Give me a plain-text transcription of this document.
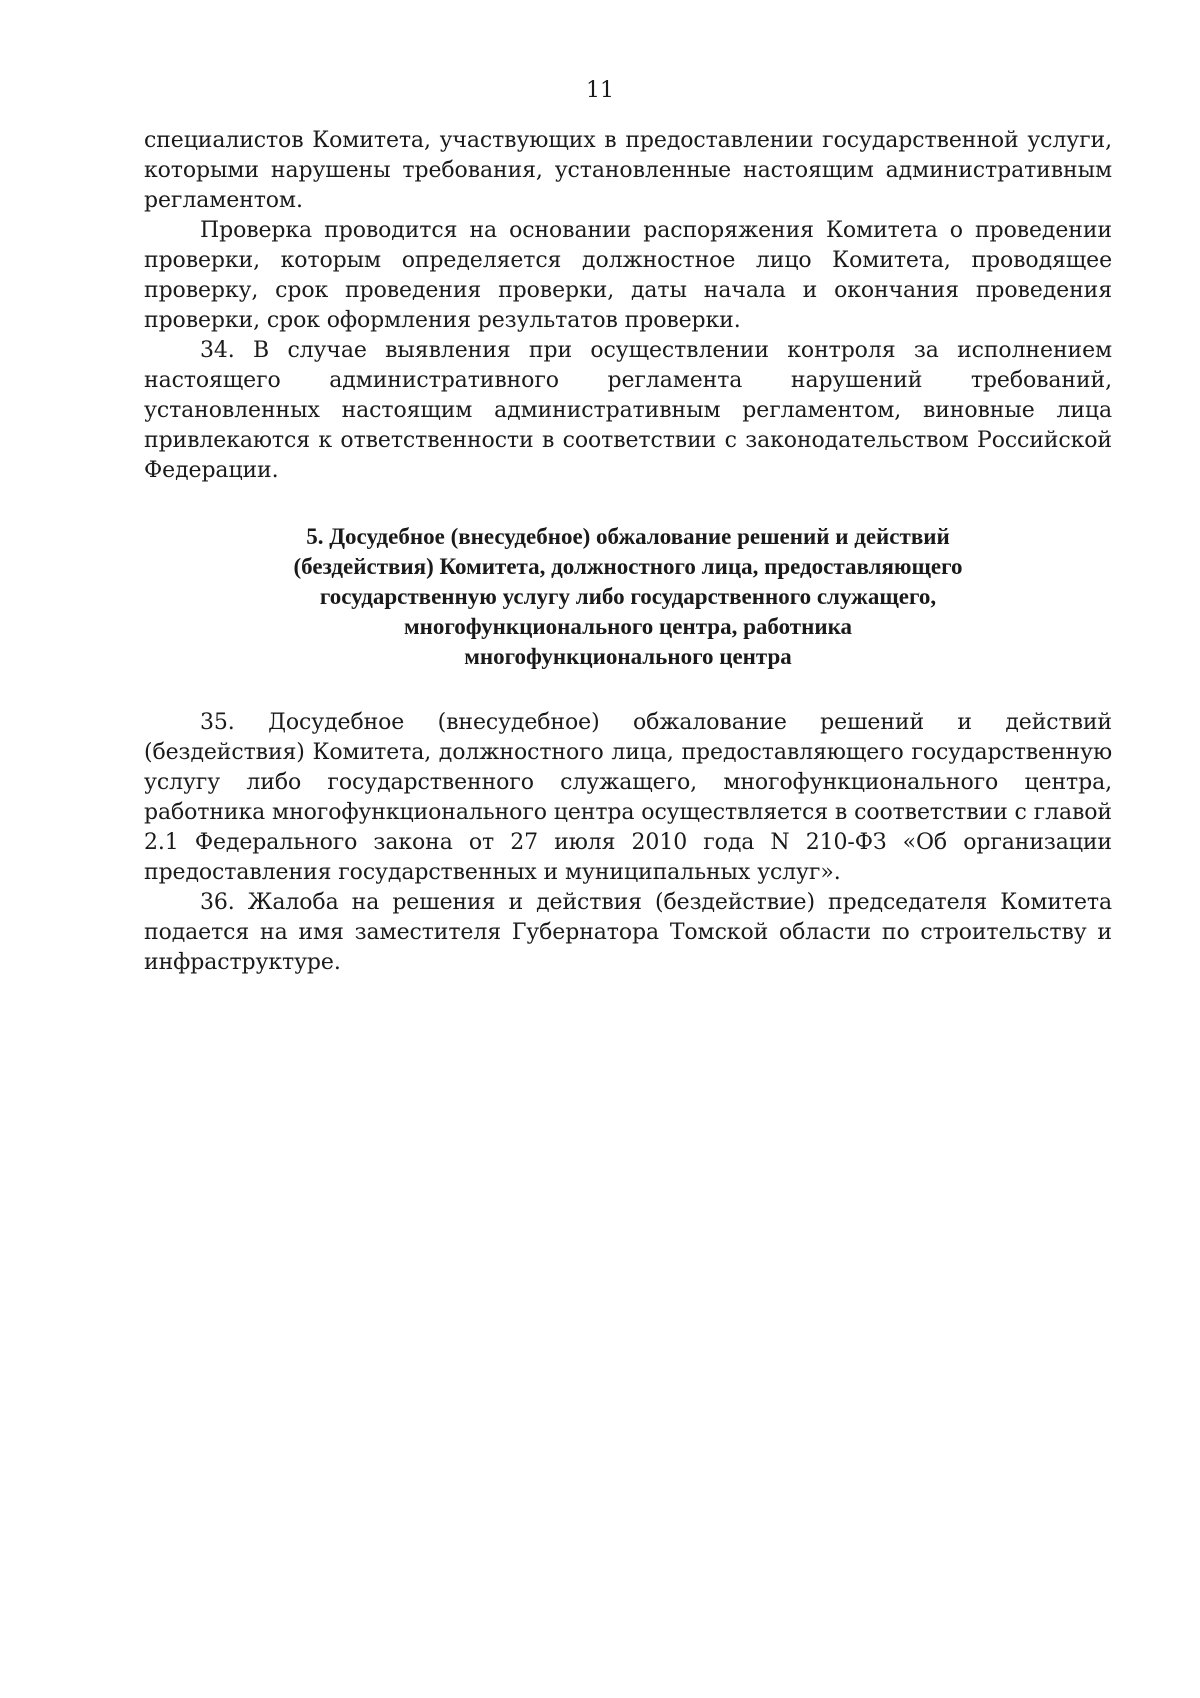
11

специалистов Комитета, участвующих в предоставлении государственной услуги, которыми нарушены требования, установленные настоящим административным регламентом.

Проверка проводится на основании распоряжения Комитета о проведении проверки, которым определяется должностное лицо Комитета, проводящее проверку, срок проведения проверки, даты начала и окончания проведения проверки, срок оформления результатов проверки.

34. В случае выявления при осуществлении контроля за исполнением настоящего административного регламента нарушений требований, установленных настоящим административным регламентом, виновные лица привлекаются к ответственности в соответствии с законодательством Российской Федерации.

5. Досудебное (внесудебное) обжалование решений и действий
(бездействия) Комитета, должностного лица, предоставляющего
государственную услугу либо государственного служащего,
многофункционального центра, работника
многофункционального центра

35. Досудебное (внесудебное) обжалование решений и действий (бездействия) Комитета, должностного лица, предоставляющего государственную услугу либо государственного служащего, многофункционального центра, работника многофункционального центра осуществляется в соответствии с главой 2.1 Федерального закона от 27 июля 2010 года N 210-ФЗ «Об организации предоставления государственных и муниципальных услуг».

36. Жалоба на решения и действия (бездействие) председателя Комитета подается на имя заместителя Губернатора Томской области по строительству и инфраструктуре.
